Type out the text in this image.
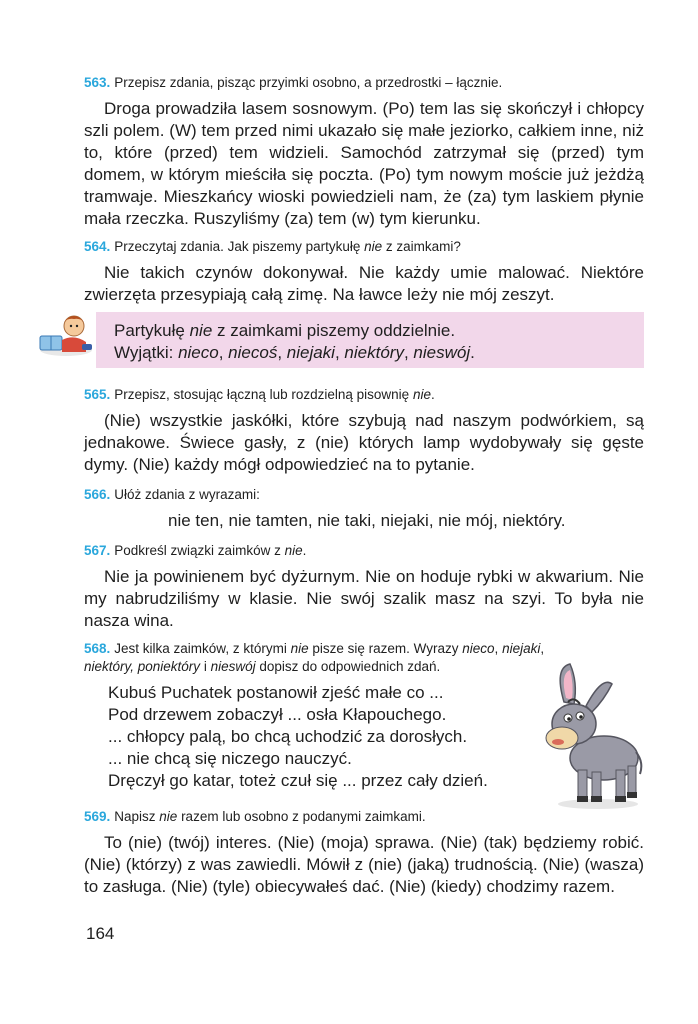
563. Przepisz zdania, pisząc przyimki osobno, a przedrostki – łącznie.

Droga prowadziła lasem sosnowym. (Po) tem las się skończył i chłopcy szli polem. (W) tem przed nimi ukazało się małe jeziorko, całkiem inne, niż to, które (przed) tem widzieli. Samochód zatrzymał się (przed) tym domem, w którym mieściła się poczta. (Po) tym nowym moście już jeżdżą tramwaje. Mieszkańcy wioski powiedzieli nam, że (za) tym laskiem płynie mała rzeczka. Ruszyliśmy (za) tem (w) tym kierunku.

564. Przeczytaj zdania. Jak piszemy partykułę nie z zaimkami?

Nie takich czynów dokonywał. Nie każdy umie malować. Niektóre zwierzęta przesypiają całą zimę. Na ławce leży nie mój zeszyt.

Partykułę nie z zaimkami piszemy oddzielnie.
Wyjątki: nieco, niecoś, niejaki, niektóry, nieswój.
565. Przepisz, stosując łączną lub rozdzielną pisownię nie.

(Nie) wszystkie jaskółki, które szybują nad naszym podwórkiem, są jednakowe. Świece gasły, z (nie) których lamp wydobywały się gęste dymy. (Nie) każdy mógł odpowiedzieć na to pytanie.

566. Ułóż zdania z wyrazami:
nie ten, nie tamten, nie taki, niejaki, nie mój, niektóry.
567. Podkreśl związki zaimków z nie.

Nie ja powinienem być dyżurnym. Nie on hoduje rybki w akwarium. Nie my nabrudziliśmy w klasie. Nie swój szalik masz na szyi. To była nie nasza wina.

568. Jest kilka zaimków, z którymi nie pisze się razem. Wyrazy nieco, niejaki,
niektóry, poniektóry i nieswój dopisz do odpowiednich zdań.
Kubuś Puchatek postanowił zjeść małe co ...
Pod drzewem zobaczył ... osła Kłapouchego.
... chłopcy palą, bo chcą uchodzić za dorosłych.
... nie chcą się niczego nauczyć.
Dręczył go katar, toteż czuł się ... przez cały dzień.
569. Napisz nie razem lub osobno z podanymi zaimkami.

To (nie) (twój) interes. (Nie) (moja) sprawa. (Nie) (tak) będziemy robić. (Nie) (którzy) z was zawiedli. Mówił z (nie) (jaką) trudnością. (Nie) (wasza) to zasługa. (Nie) (tyle) obiecywałeś dać. (Nie) (kiedy) chodzimy razem.

164
